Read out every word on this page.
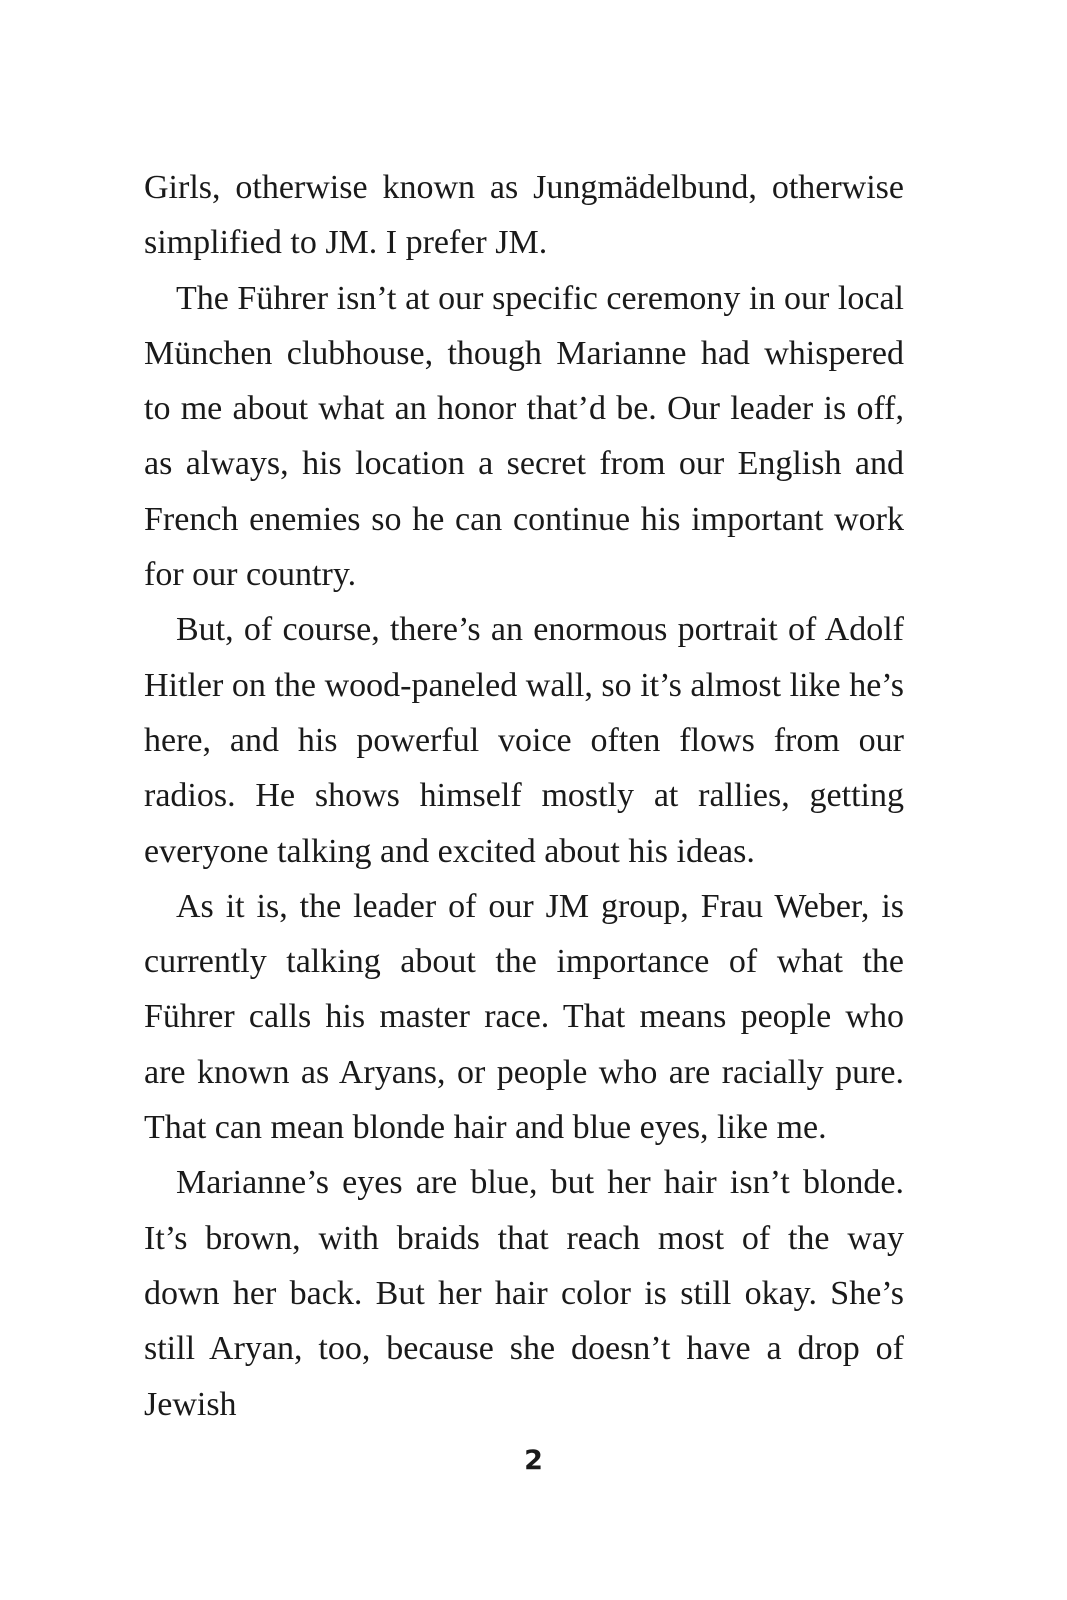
Girls, otherwise known as Jungmädelbund, otherwise simplified to JM. I prefer JM.

The Führer isn’t at our specific ceremony in our local München clubhouse, though Marianne had whispered to me about what an honor that’d be. Our leader is off, as always, his location a secret from our English and French enemies so he can continue his important work for our country.

But, of course, there’s an enormous portrait of Adolf Hitler on the wood-paneled wall, so it’s almost like he’s here, and his powerful voice often flows from our radios. He shows himself mostly at rallies, getting everyone talking and excited about his ideas.

As it is, the leader of our JM group, Frau Weber, is currently talking about the importance of what the Führer calls his master race. That means people who are known as Aryans, or people who are racially pure. That can mean blonde hair and blue eyes, like me.

Marianne’s eyes are blue, but her hair isn’t blonde. It’s brown, with braids that reach most of the way down her back. But her hair color is still okay. She’s still Aryan, too, because she doesn’t have a drop of Jewish

2
